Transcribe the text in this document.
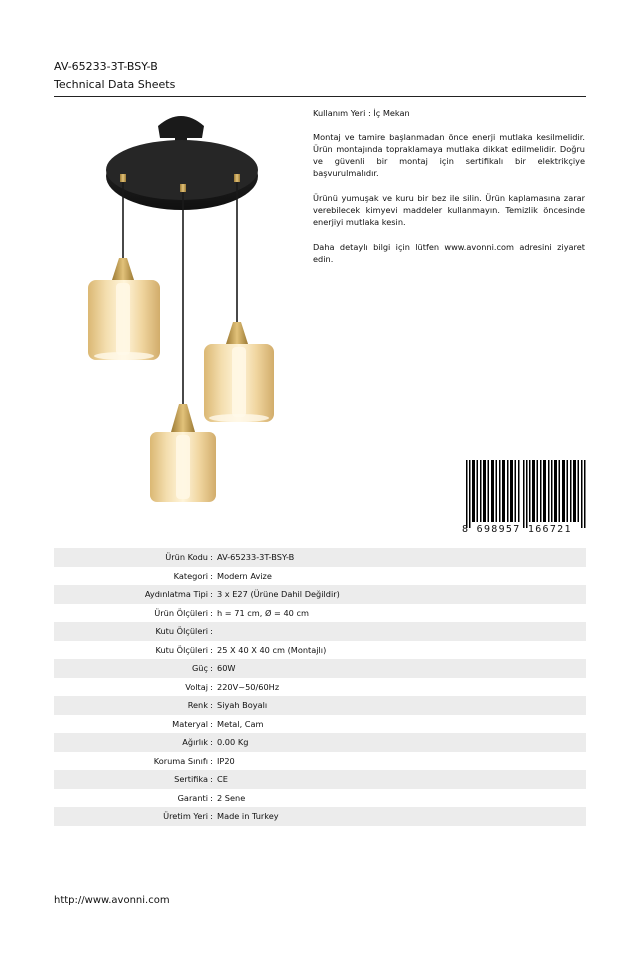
AV-65233-3T-BSY-B
Technical Data Sheets

Kullanım Yeri : İç Mekan

Montaj ve tamire başlanmadan önce enerji mutlaka kesilmelidir. Ürün montajında topraklamaya mutlaka dikkat edilmelidir. Doğru ve güvenli bir montaj için sertifikalı bir elektrikçiye başvurulmalıdır.

Ürünü yumuşak ve kuru bir bez ile silin. Ürün kaplamasına zarar verebilecek kimyevi maddeler kullanmayın. Temizlik öncesinde enerjiyi mutlaka kesin.

Daha detaylı bilgi için lütfen www.avonni.com adresini ziyaret edin.

8 698957 166721
Ürün Kodu : AV-65233-3T-BSY-B
Kategori : Modern Avize
Aydınlatma Tipi : 3 x E27 (Ürüne Dahil Değildir)
Ürün Ölçüleri : h = 71 cm, Ø = 40 cm
Kutu Ölçüleri :
Kutu Ölçüleri : 25 X 40 X 40 cm (Montajlı)
Güç : 60W
Voltaj : 220V~50/60Hz
Renk : Siyah Boyalı
Materyal : Metal, Cam
Ağırlık : 0.00 Kg
Koruma Sınıfı : IP20
Sertifika : CE
Garanti : 2 Sene
Üretim Yeri : Made in Turkey
http://www.avonni.com
